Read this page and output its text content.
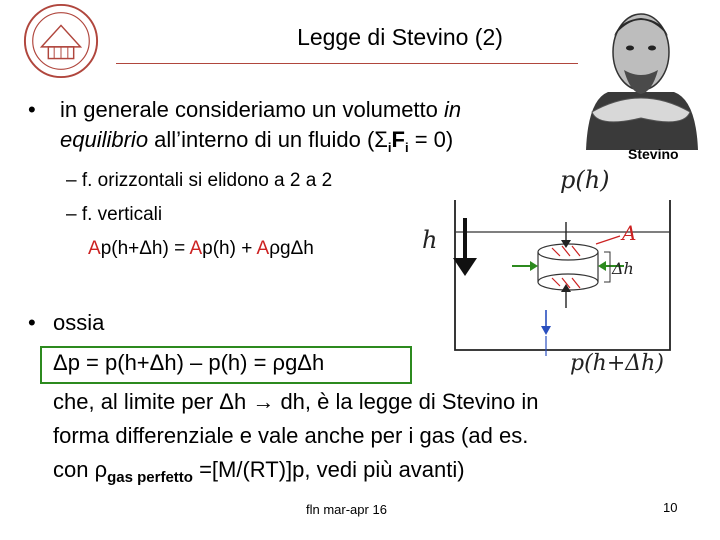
Legge di Stevino (2)
Stevino
• in generale consideriamo un volumetto in
equilibrio all’interno di un fluido $(\Sigma_iF_i = 0)$
– f. orizzontali si elidono a 2 a 2
– f. verticali
Ap(h+Δh) = Ap(h) + AρgΔh
p(h)
h	A
Δh
p(h+Δh)
• ossia
Δp = p(h+Δh) – p(h) = ρgΔh
che, al limite per Δh → dh, è la legge di Stevino in
forma differenziale e vale anche per i gas (ad es.
con $\rho_{gas perfetto} =[M/(RT)]p$, vedi più avanti)
fln mar-apr 16	10
